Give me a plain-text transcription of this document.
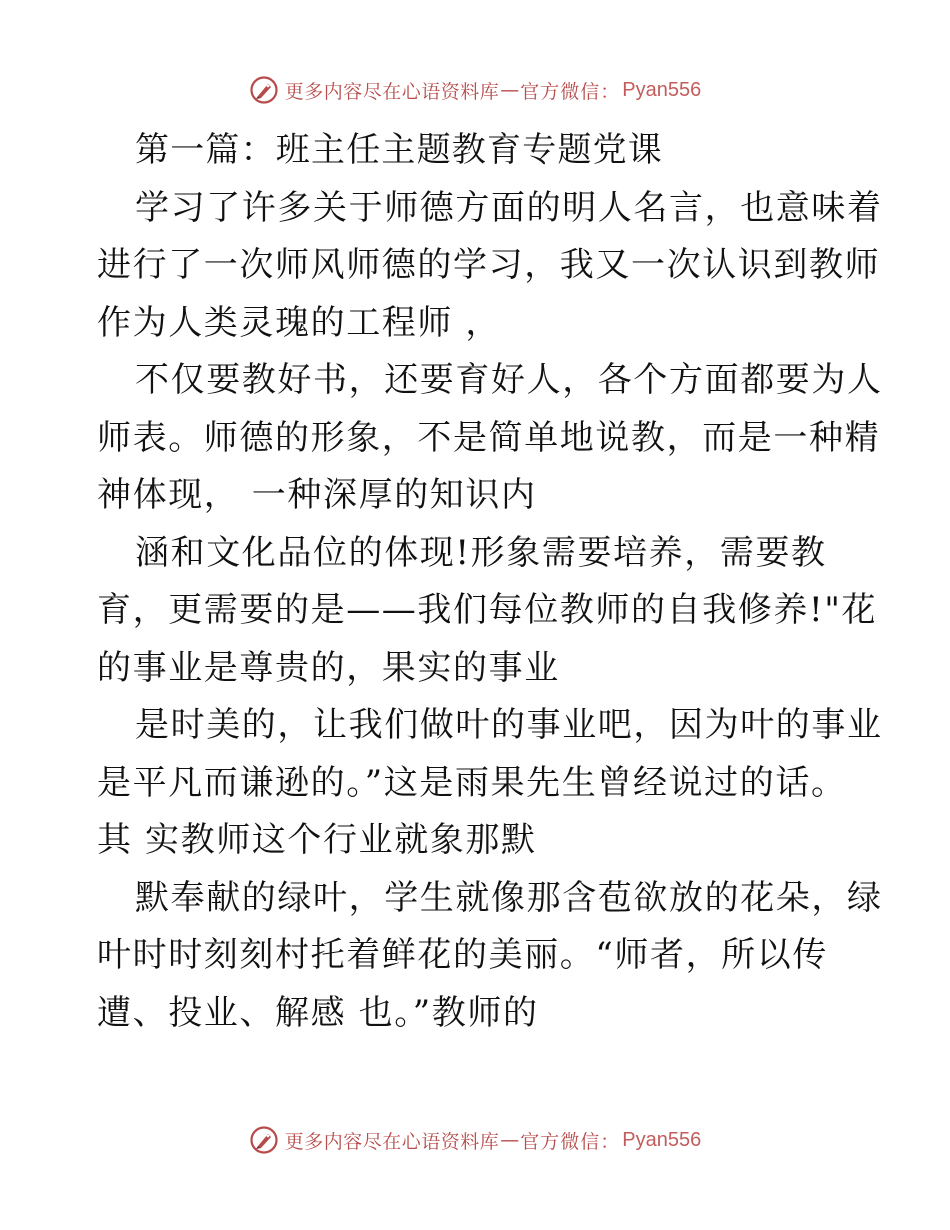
更多内容尽在心语资料库 — 官方微信： Pyan556
第一篇：班主任主题教育专题党课
学习了许多关于师德方面的明人名言，也意味着
进行了一次师风师德的学习，我又一次认识到教师
作为人类灵瑰的工程师 ，
不仅要教好书，还要育好人，各个方面都要为人
师表。师德的形象，不是简单地说教，而是一种精
神体现， 一种深厚的知识内
涵和文化品位的体现!形象需要培养，需要教
育，更需要的是——我们每位教师的自我修养!"花
的事业是尊贵的，果实的事业
是时美的，让我们做叶的事业吧，因为叶的事业
是平凡而谦逊的。”这是雨果先生曾经说过的话。
其 实教师这个行业就象那默
默奉献的绿叶，学生就像那含苞欲放的花朵，绿
叶时时刻刻村托着鲜花的美丽。“师者，所以传
遭、投业、解感 也。”教师的
更多内容尽在心语资料库 — 官方微信： Pyan556
